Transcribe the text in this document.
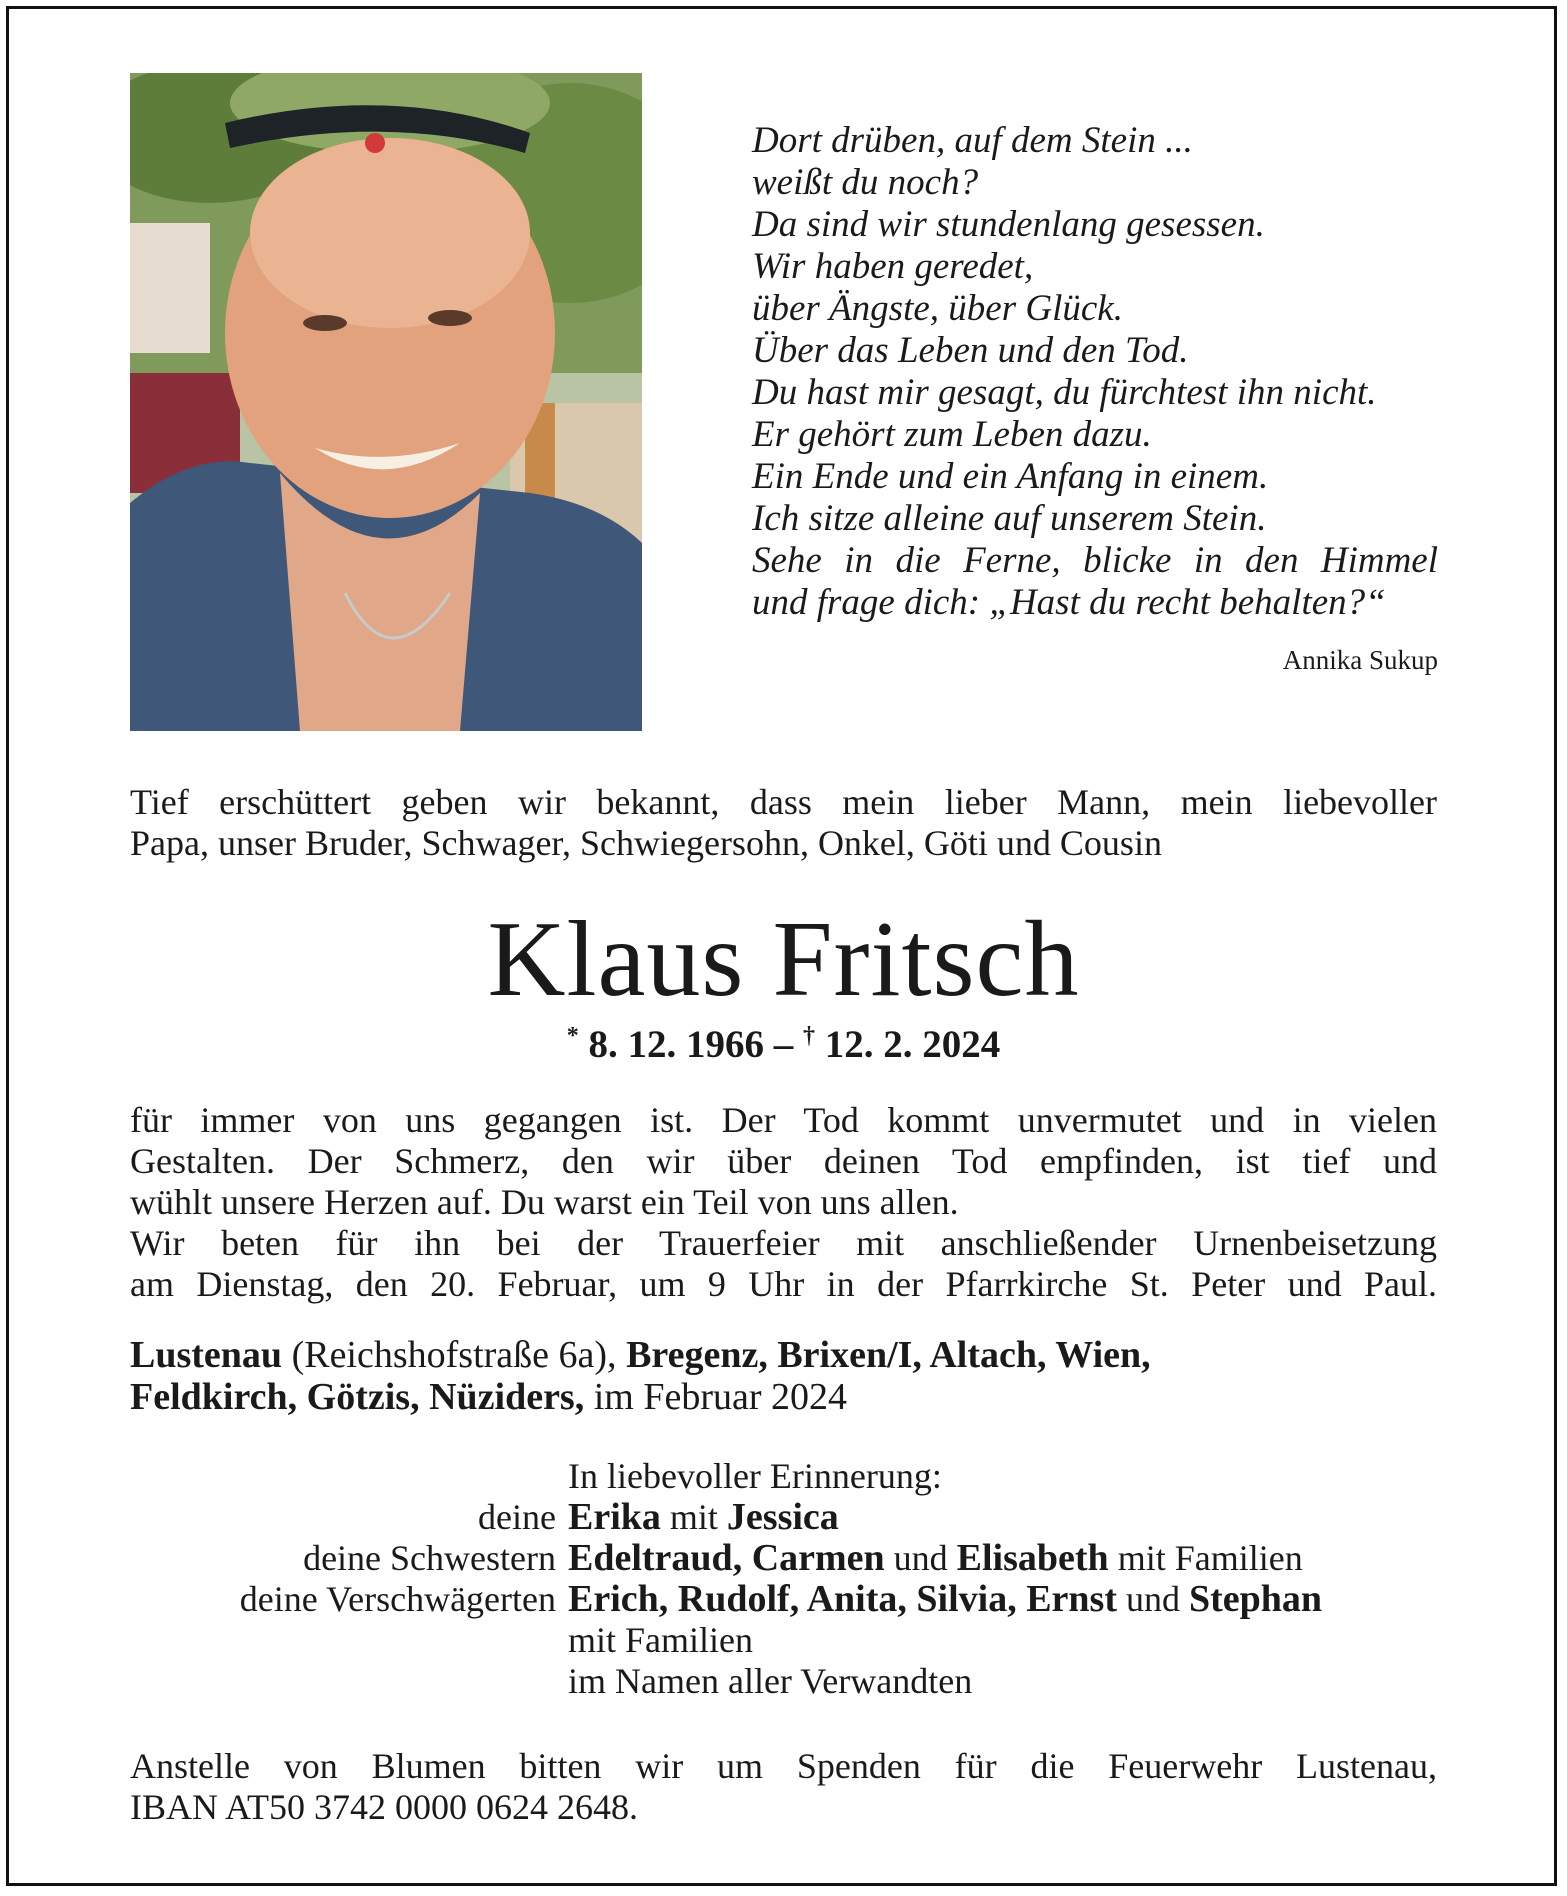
Dort drüben, auf dem Stein ...
weißt du noch?
Da sind wir stundenlang gesessen.
Wir haben geredet,
über Ängste, über Glück.
Über das Leben und den Tod.
Du hast mir gesagt, du fürchtest ihn nicht.
Er gehört zum Leben dazu.
Ein Ende und ein Anfang in einem.
Ich sitze alleine auf unserem Stein.
Sehe in die Ferne, blicke in den Himmel
und frage dich: „Hast du recht behalten?“
Annika Sukup
Tief erschüttert geben wir bekannt, dass mein lieber Mann, mein liebevoller
Papa, unser Bruder, Schwager, Schwiegersohn, Onkel, Göti und Cousin
Klaus Fritsch
* 8. 12. 1966 – † 12. 2. 2024
für immer von uns gegangen ist. Der Tod kommt unvermutet und in vielen
Gestalten. Der Schmerz, den wir über deinen Tod empfinden, ist tief und
wühlt unsere Herzen auf. Du warst ein Teil von uns allen.
Wir beten für ihn bei der Trauerfeier mit anschließender Urnenbeisetzung
am Dienstag, den 20. Februar, um 9 Uhr in der Pfarrkirche St. Peter und Paul.
Lustenau (Reichshofstraße 6a), Bregenz, Brixen/I, Altach, Wien,
Feldkirch, Götzis, Nüziders, im Februar 2024
In liebevoller Erinnerung:
deine Erika mit Jessica
deine Schwestern Edeltraud, Carmen und Elisabeth mit Familien
deine Verschwägerten Erich, Rudolf, Anita, Silvia, Ernst und Stephan
mit Familien
im Namen aller Verwandten
Anstelle von Blumen bitten wir um Spenden für die Feuerwehr Lustenau,
IBAN AT50 3742 0000 0624 2648.
